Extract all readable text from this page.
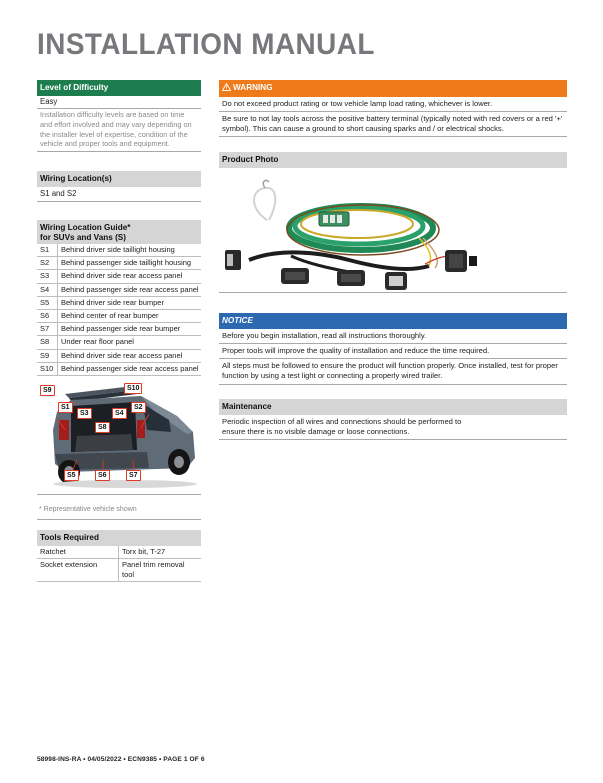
INSTALLATION MANUAL
Level of Difficulty
Easy
Installation difficulty levels are based on time and effort involved and may vary depending on the installer level of expertise, condition of the vehicle and proper tools and equipment.
Wiring Location(s)
S1 and S2
Wiring Location Guide*
for SUVs and Vans (S)
S1	Behind driver side taillight housing
S2	Behind passenger side taillight housing
S3	Behind driver side rear access panel
S4	Behind passenger side rear access panel
S5	Behind driver side rear bumper
S6	Behind center of rear bumper
S7	Behind passenger side rear bumper
S8	Under rear floor panel
S9	Behind driver side rear access panel
S10	Behind passenger side rear access panel
S9	S10
S1
S3	S4
S2
S8
S5	S6	S7
* Representative vehicle shown
Tools Required
Ratchet	Torx bit, T-27
Socket extension	Panel trim removal tool
WARNING
Do not exceed product rating or tow vehicle lamp load rating, whichever is lower.
Be sure to not lay tools across the positive battery terminal (typically noted with red covers or a red '+' symbol). This can cause a ground to short causing sparks and / or electrical shocks.
Product Photo
NOTICE
Before you begin installation, read all instructions thoroughly.
Proper tools will improve the quality of installation and reduce the time required.
All steps must be followed to ensure the product will function properly. Once installed, test for proper function by using a test light or connecting a properly wired trailer.
Maintenance
Periodic inspection of all wires and connections should be performed to ensure there is no visible damage or loose connections.
58998-INS-RA • 04/05/2022 • ECN9385 • PAGE 1 OF 6
